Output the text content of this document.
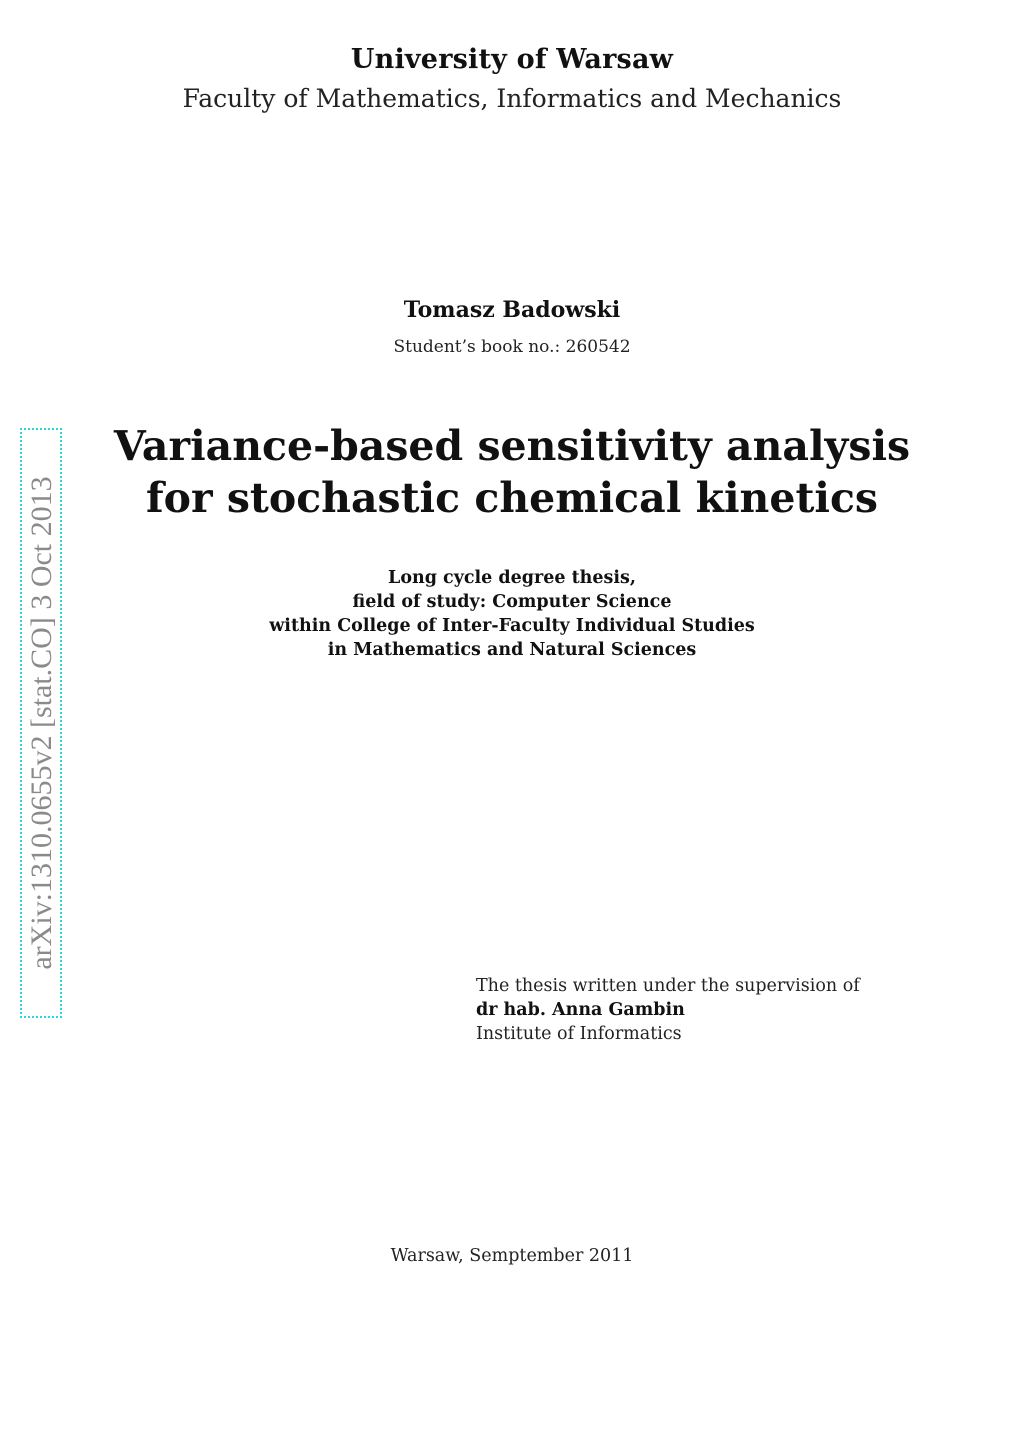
University of Warsaw
Faculty of Mathematics, Informatics and Mechanics
Tomasz Badowski
Student’s book no.: 260542
Variance-based sensitivity analysis
for stochastic chemical kinetics
Long cycle degree thesis,
field of study: Computer Science
within College of Inter-Faculty Individual Studies
in Mathematics and Natural Sciences
The thesis written under the supervision of
dr hab. Anna Gambin
Institute of Informatics
Warsaw, Semptember 2011
arXiv:1310.0655v2 [stat.CO] 3 Oct 2013
